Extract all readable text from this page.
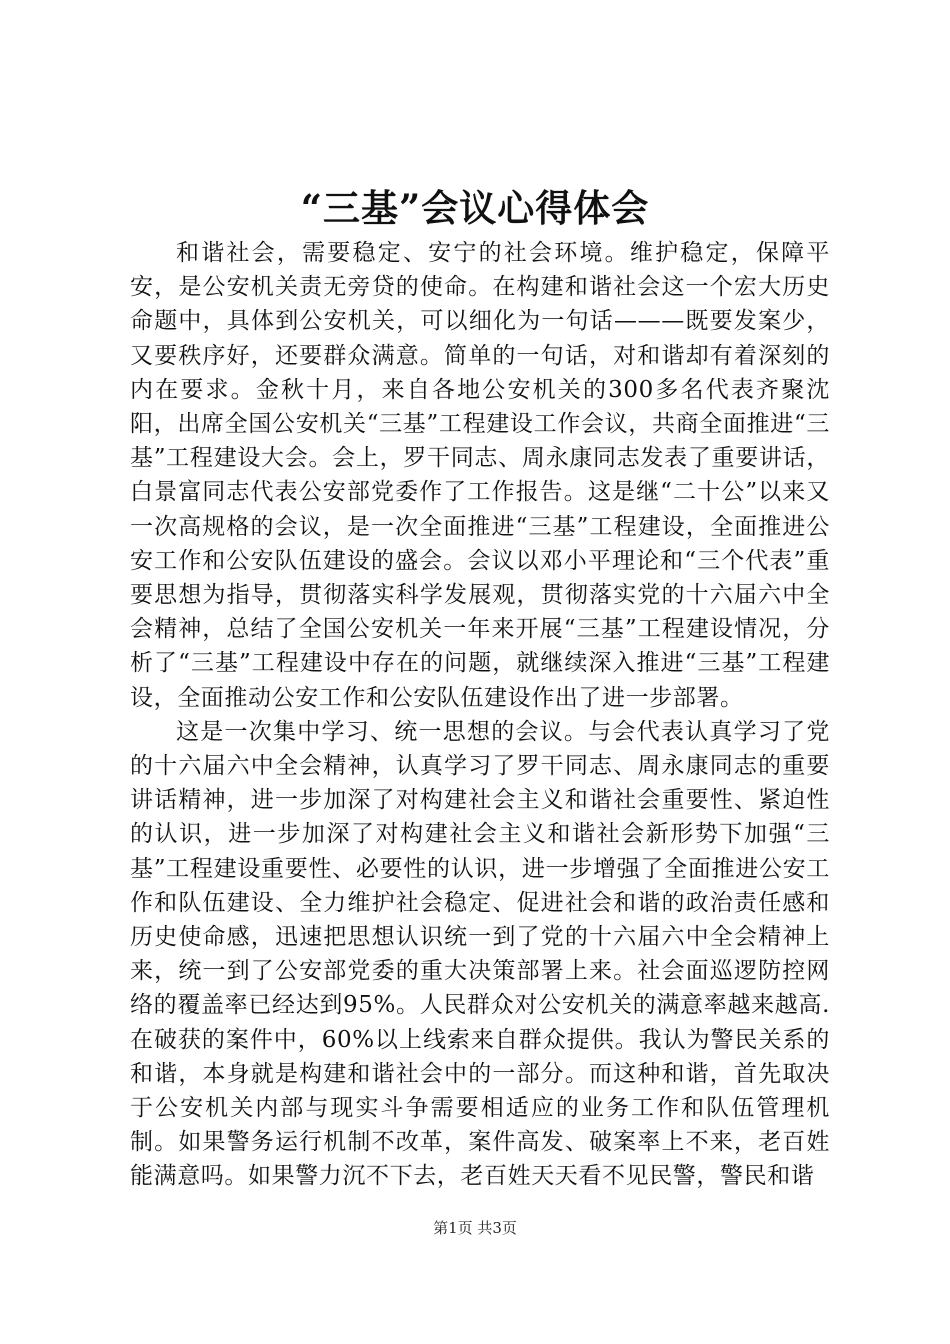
“三基”会议心得体会

和谐社会，需要稳定、安宁的社会环境。维护稳定，保障平安，是公安机关责无旁贷的使命。在构建和谐社会这一个宏大历史命题中，具体到公安机关，可以细化为一句话———既要发案少，又要秩序好，还要群众满意。简单的一句话，对和谐却有着深刻的内在要求。金秋十月，来自各地公安机关的300多名代表齐聚沈阳，出席全国公安机关“三基”工程建设工作会议，共商全面推进“三基”工程建设大会。会上，罗干同志、周永康同志发表了重要讲话，白景富同志代表公安部党委作了工作报告。这是继“二十公”以来又一次高规格的会议，是一次全面推进“三基”工程建设，全面推进公安工作和公安队伍建设的盛会。会议以邓小平理论和“三个代表”重要思想为指导，贯彻落实科学发展观，贯彻落实党的十六届六中全会精神，总结了全国公安机关一年来开展“三基”工程建设情况，分析了“三基”工程建设中存在的问题，就继续深入推进“三基”工程建设，全面推动公安工作和公安队伍建设作出了进一步部署。

这是一次集中学习、统一思想的会议。与会代表认真学习了党的十六届六中全会精神，认真学习了罗干同志、周永康同志的重要讲话精神，进一步加深了对构建社会主义和谐社会重要性、紧迫性的认识，进一步加深了对构建社会主义和谐社会新形势下加强“三基”工程建设重要性、必要性的认识，进一步增强了全面推进公安工作和队伍建设、全力维护社会稳定、促进社会和谐的政治责任感和历史使命感，迅速把思想认识统一到了党的十六届六中全会精神上来，统一到了公安部党委的重大决策部署上来。社会面巡逻防控网络的覆盖率已经达到95%。人民群众对公安机关的满意率越来越高.在破获的案件中，60%以上线索来自群众提供。我认为警民关系的和谐，本身就是构建和谐社会中的一部分。而这种和谐，首先取决于公安机关内部与现实斗争需要相适应的业务工作和队伍管理机制。如果警务运行机制不改革，案件高发、破案率上不来，老百姓能满意吗。如果警力沉不下去，老百姓天天看不见民警，警民和谐

第1页 共3页
